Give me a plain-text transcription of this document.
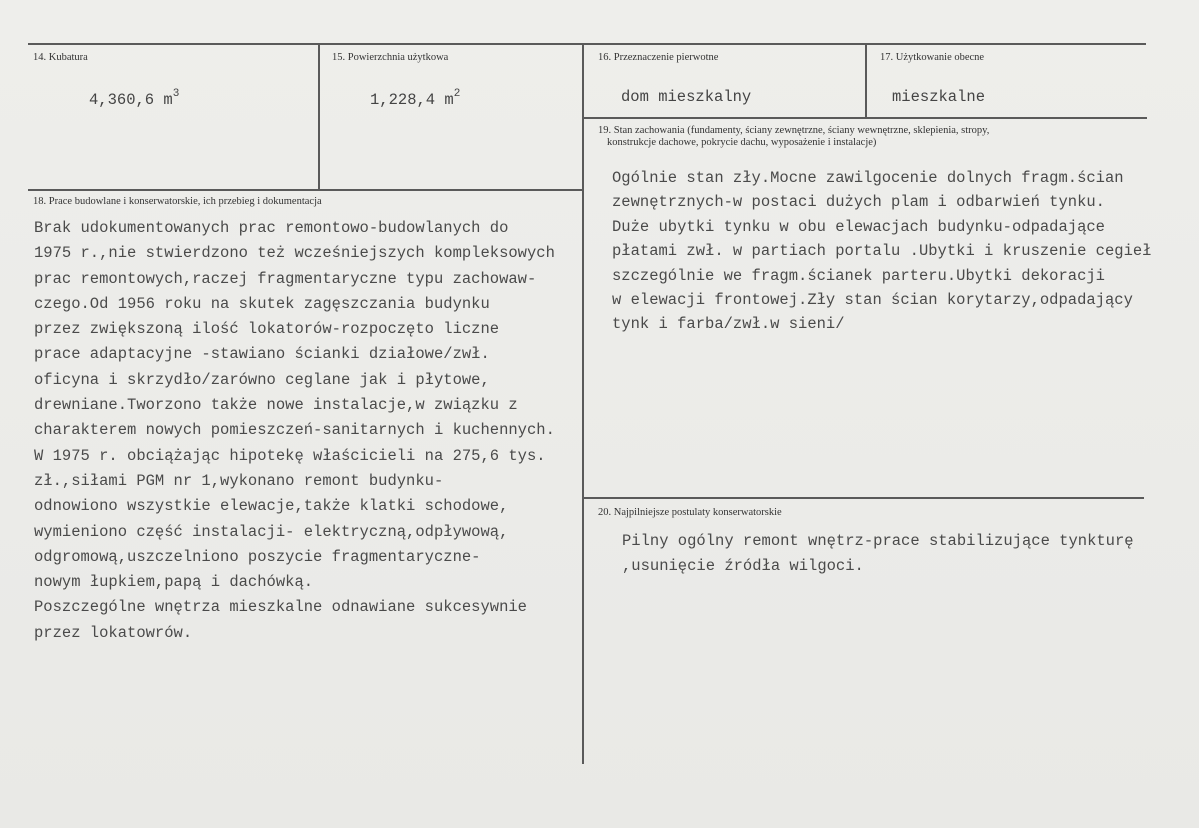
14. Kubatura
4,360,6 $m^3$
15. Powierzchnia użytkowa
1,228,4 $m^2$
16. Przeznaczenie pierwotne
dom mieszkalny
17. Użytkowanie obecne
mieszkalne
18. Prace budowlane i konserwatorskie, ich przebieg i dokumentacja
Brak udokumentowanych prac remontowo-budowlanych do
1975 r.,nie stwierdzono też wcześniejszych kompleksowych
prac remontowych,raczej fragmentaryczne typu zachowaw-
czego.Od 1956 roku na skutek zagęszczania budynku
przez zwiększoną ilość lokatorów-rozpoczęto liczne
prace adaptacyjne -stawiano ścianki działowe/zwł.
oficyna i skrzydło/zarówno ceglane jak i płytowe,
drewniane.Tworzono także nowe instalacje,w związku z
charakterem nowych pomieszczeń-sanitarnych i kuchennych.
W 1975 r. obciążając hipotekę właścicieli na 275,6 tys.
zł.,siłami PGM nr 1,wykonano remont budynku-
odnowiono wszystkie elewacje,także klatki schodowe,
wymieniono część instalacji- elektryczną,odpływową,
odgromową,uszczelniono poszycie fragmentaryczne-
nowym łupkiem,papą i dachówką.
Poszczególne wnętrza mieszkalne odnawiane sukcesywnie
przez lokatowrów.
19. Stan zachowania (fundamenty, ściany zewnętrzne, ściany wewnętrzne, sklepienia, stropy,
konstrukcje dachowe, pokrycie dachu, wyposażenie i instalacje)
Ogólnie stan zły.Mocne zawilgocenie dolnych fragm.ścian
zewnętrznych-w postaci dużych plam i odbarwień tynku.
Duże ubytki tynku w obu elewacjach budynku-odpadające
płatami zwł. w partiach portalu .Ubytki i kruszenie cegieł
szczególnie we fragm.ścianek parteru.Ubytki dekoracji
w elewacji frontowej.Zły stan ścian korytarzy,odpadający
tynk i farba/zwł.w sieni/
20. Najpilniejsze postulaty konserwatorskie
Pilny ogólny remont wnętrz-prace stabilizujące tynkturę
,usunięcie źródła wilgoci.
